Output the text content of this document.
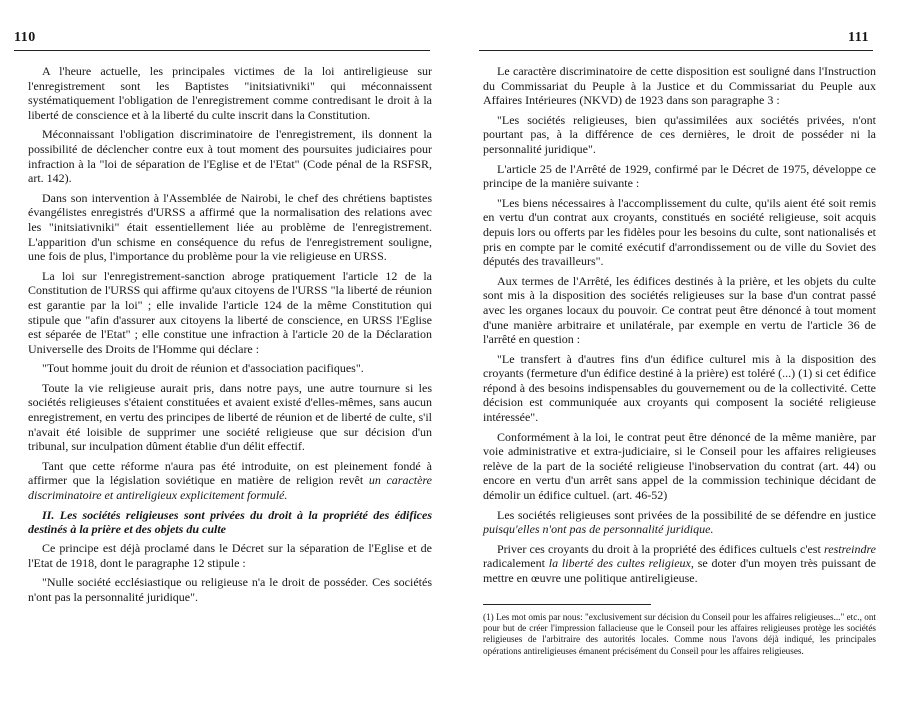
110

A l'heure actuelle, les principales victimes de la loi antireligieuse sur l'enregistrement sont les Baptistes "initsiativniki" qui méconnaissent systématiquement l'obligation de l'enregistrement comme contredisant le droit à la liberté de conscience et à la liberté du culte inscrit dans la Constitution.

Méconnaissant l'obligation discriminatoire de l'enregistrement, ils donnent la possibilité de déclencher contre eux à tout moment des poursuites judiciaires pour infraction à la "loi de séparation de l'Eglise et de l'Etat" (Code pénal de la RSFSR, art. 142).

Dans son intervention à l'Assemblée de Nairobi, le chef des chrétiens baptistes évangélistes enregistrés d'URSS a affirmé que la normalisation des relations avec les "initsiativniki" était essentiellement liée au problème de l'enregistrement. L'apparition d'un schisme en conséquence du refus de l'enregistrement souligne, une fois de plus, l'importance du problème pour la vie religieuse en URSS.

La loi sur l'enregistrement-sanction abroge pratiquement l'article 12 de la Constitution de l'URSS qui affirme qu'aux citoyens de l'URSS "la liberté de réunion est garantie par la loi" ; elle invalide l'article 124 de la même Constitution qui stipule que "afin d'assurer aux citoyens la liberté de conscience, en URSS l'Eglise est séparée de l'Etat" ; elle constitue une infraction à l'article 20 de la Déclaration Universelle des Droits de l'Homme qui déclare :

"Tout homme jouit du droit de réunion et d'association pacifiques".

Toute la vie religieuse aurait pris, dans notre pays, une autre tournure si les sociétés religieuses s'étaient constituées et avaient existé d'elles-mêmes, sans aucun enregistrement, en vertu des principes de liberté de réunion et de liberté de culte, s'il n'avait été loisible de supprimer une société religieuse que sur décision d'un tribunal, sur inculpation dûment établie d'un délit effectif.

Tant que cette réforme n'aura pas été introduite, on est pleinement fondé à affirmer que la législation soviétique en matière de religion revêt un caractère discriminatoire et antireligieux explicitement formulé.

II. Les sociétés religieuses sont privées du droit à la propriété des édifices destinés à la prière et des objets du culte

Ce principe est déjà proclamé dans le Décret sur la séparation de l'Eglise et de l'Etat de 1918, dont le paragraphe 12 stipule :

"Nulle société ecclésiastique ou religieuse n'a le droit de posséder. Ces sociétés n'ont pas la personnalité juridique".

111

Le caractère discriminatoire de cette disposition est souligné dans l'Instruction du Commissariat du Peuple à la Justice et du Commissariat du Peuple aux Affaires Intérieures (NKVD) de 1923 dans son paragraphe 3 :

"Les sociétés religieuses, bien qu'assimilées aux sociétés privées, n'ont pourtant pas, à la différence de ces dernières, le droit de posséder ni la personnalité juridique".

L'article 25 de l'Arrêté de 1929, confirmé par le Décret de 1975, développe ce principe de la manière suivante :

"Les biens nécessaires à l'accomplissement du culte, qu'ils aient été soit remis en vertu d'un contrat aux croyants, constitués en société religieuse, soit acquis depuis lors ou offerts par les fidèles pour les besoins du culte, sont nationalisés et pris en compte par le comité exécutif d'arrondissement ou de ville du Soviet des députés des travailleurs".

Aux termes de l'Arrêté, les édifices destinés à la prière, et les objets du culte sont mis à la disposition des sociétés religieuses sur la base d'un contrat passé avec les organes locaux du pouvoir. Ce contrat peut être dénoncé à tout moment d'une manière arbitraire et unilatérale, par exemple en vertu de l'article 36 de l'arrêté en question :

"Le transfert à d'autres fins d'un édifice culturel mis à la disposition des croyants (fermeture d'un édifice destiné à la prière) est toléré (...) (1) si cet édifice répond à des besoins indispensables du gouvernement ou de la collectivité. Cette décision est communiquée aux croyants qui composent la société religieuse intéressée".

Conformément à la loi, le contrat peut être dénoncé de la même manière, par voie administrative et extra-judiciaire, si le Conseil pour les affaires religieuses relève de la part de la société religieuse l'inobservation du contrat (art. 44) ou encore en vertu d'un arrêt sans appel de la commission techinique décidant de démolir un édifice cultuel. (art. 46-52)

Les sociétés religieuses sont privées de la possibilité de se défendre en justice puisqu'elles n'ont pas de personnalité juridique.

Priver ces croyants du droit à la propriété des édifices cultuels c'est restreindre radicalement la liberté des cultes religieux, se doter d'un moyen très puissant de mettre en œuvre une politique antireligieuse.

(1) Les mot omis par nous: "exclusivement sur décision du Conseil pour les affaires religieuses..." etc., ont pour but de créer l'impression fallacieuse que le Conseil pour les affaires religieuses protège les sociétés religieuses de l'arbitraire des autorités locales. Comme nous l'avons déjà indiqué, les principales opérations antireligieuses émanent précisément du Conseil pour les affaires religieuses.
